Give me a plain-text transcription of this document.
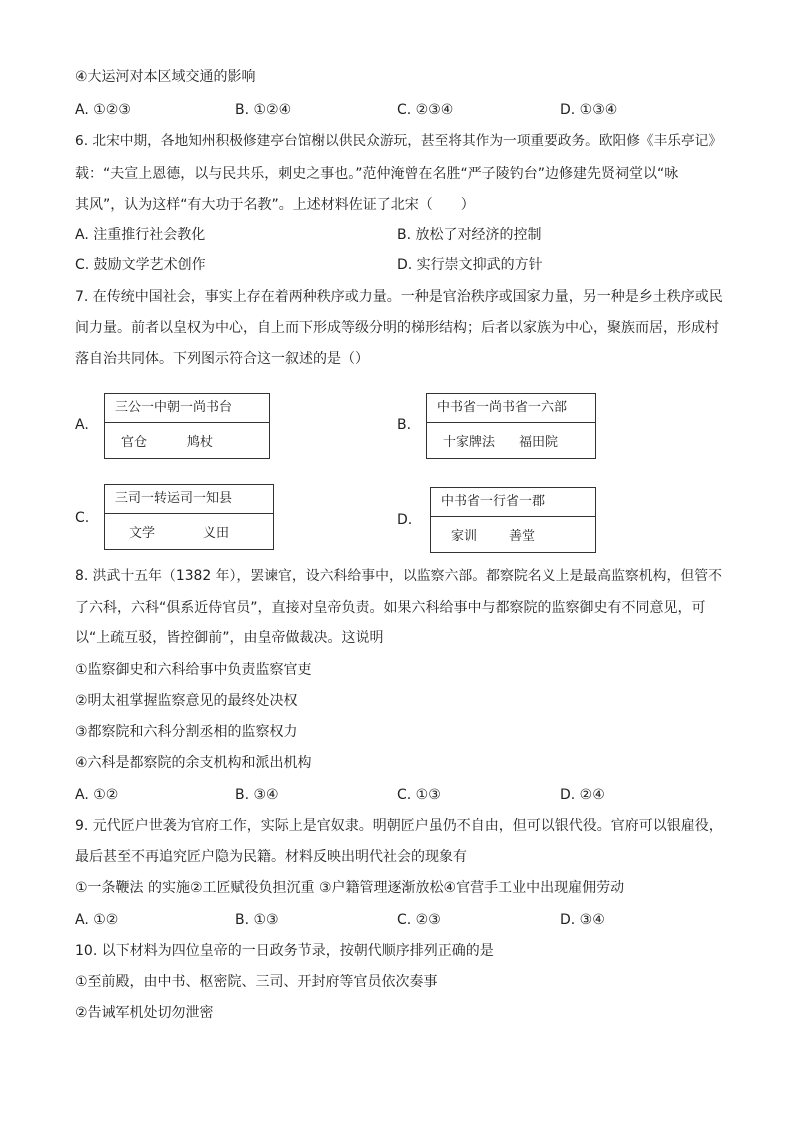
④大运河对本区域交通的影响
A. ①②③	B. ①②④	C. ②③④	D. ①③④
6. 北宋中期，各地知州积极修建亭台馆榭以供民众游玩，甚至将其作为一项重要政务。欧阳修《丰乐亭记》
载：“夫宣上恩德，以与民共乐，刺史之事也。”范仲淹曾在名胜“严子陵钓台”边修建先贤祠堂以“咏
其风”，认为这样“有大功于名教”。上述材料佐证了北宋（　　）
A. 注重推行社会教化	B. 放松了对经济的控制
C. 鼓励文学艺术创作	D. 实行崇文抑武的方针
7. 在传统中国社会，事实上存在着两种秩序或力量。一种是官治秩序或国家力量，另一种是乡土秩序或民
间力量。前者以皇权为中心，自上而下形成等级分明的梯形结构；后者以家族为中心，聚族而居，形成村
落自治共同体。下列图示符合这一叙述的是（）
A.
三公一中朝一尚书台
官仓	鸠杖
B.
中书省一尚书省一六部
十家牌法 福田院
C.
三司一转运司一知县
文学	义田
D.
中书省一行省一郡
家训 善堂
8. 洪武十五年（1382 年），罢谏官，设六科给事中，以监察六部。都察院名义上是最高监察机构，但管不
了六科，六科“俱系近侍官员”，直接对皇帝负责。如果六科给事中与都察院的监察御史有不同意见，可
以“上疏互驳，皆控御前”，由皇帝做裁决。这说明
①监察御史和六科给事中负责监察官吏
②明太祖掌握监察意见的最终处决权
③都察院和六科分割丞相的监察权力
④六科是都察院的余支机构和派出机构
A. ①②	B. ③④	C. ①③	D. ②④
9. 元代匠户世袭为官府工作，实际上是官奴隶。明朝匠户虽仍不自由，但可以银代役。官府可以银雇役，
最后甚至不再追究匠户隐为民籍。材料反映出明代社会的现象有
①一条鞭法 的实施②工匠赋役负担沉重 ③户籍管理逐渐放松④官营手工业中出现雇佣劳动
A. ①②	B. ①③	C. ②③	D. ③④
10. 以下材料为四位皇帝的一日政务节录，按朝代顺序排列正确的是
①至前殿，由中书、枢密院、三司、开封府等官员依次奏事
②告诫军机处切勿泄密
